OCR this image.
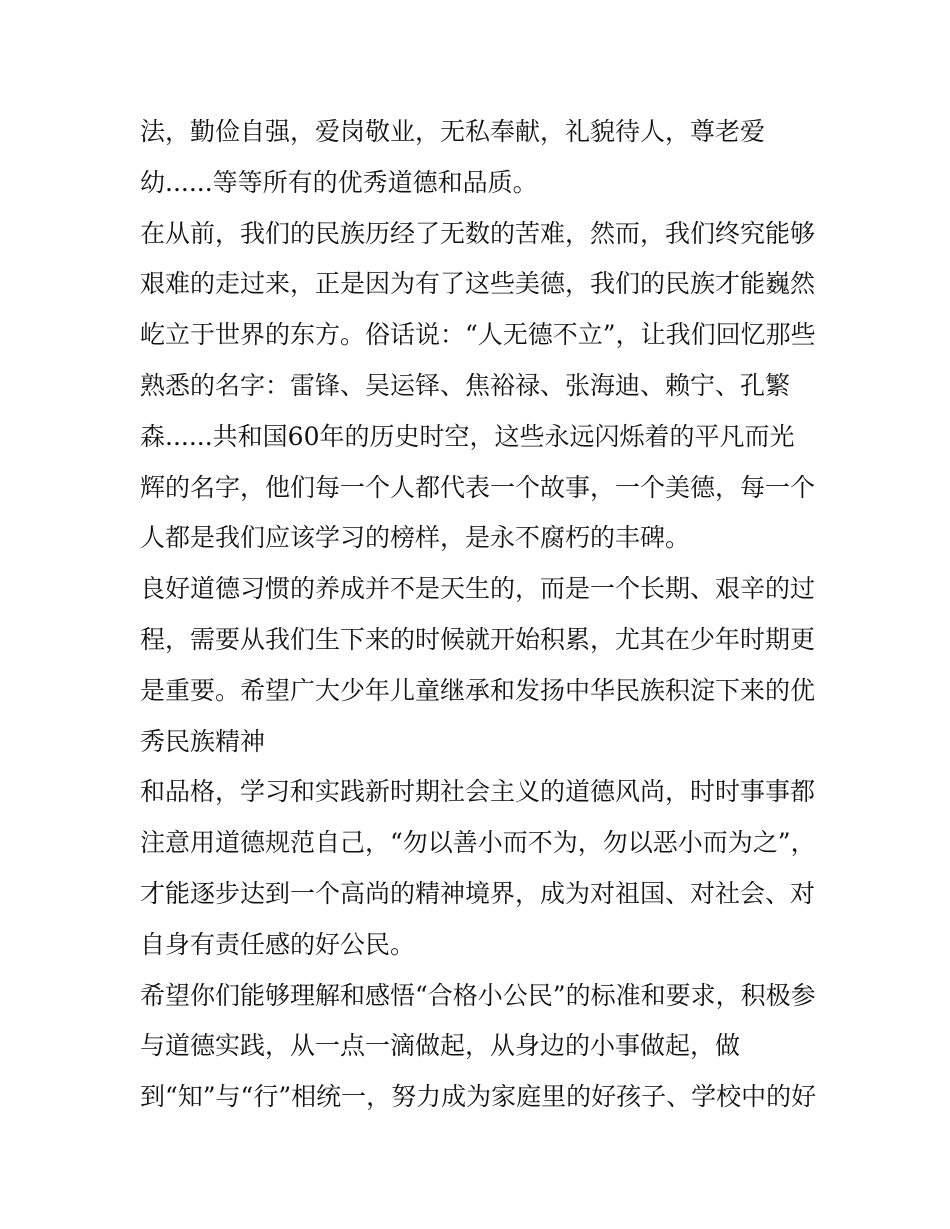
法，勤俭自强，爱岗敬业，无私奉献，礼貌待人，尊老爱
幼......等等所有的优秀道德和品质。
在从前，我们的民族历经了无数的苦难，然而，我们终究能够
艰难的走过来，正是因为有了这些美德，我们的民族才能巍然
屹立于世界的东方。俗话说：“人无德不立”，让我们回忆那些
熟悉的名字：雷锋、吴运铎、焦裕禄、张海迪、赖宁、孔繁
森......共和国60年的历史时空，这些永远闪烁着的平凡而光
辉的名字，他们每一个人都代表一个故事，一个美德，每一个
人都是我们应该学习的榜样，是永不腐朽的丰碑。
良好道德习惯的养成并不是天生的，而是一个长期、艰辛的过
程，需要从我们生下来的时候就开始积累，尤其在少年时期更
是重要。希望广大少年儿童继承和发扬中华民族积淀下来的优
秀民族精神
和品格，学习和实践新时期社会主义的道德风尚，时时事事都
注意用道德规范自己，“勿以善小而不为，勿以恶小而为之”，
才能逐步达到一个高尚的精神境界，成为对祖国、对社会、对
自身有责任感的好公民。
希望你们能够理解和感悟“合格小公民”的标准和要求，积极参
与道德实践，从一点一滴做起，从身边的小事做起，做
到“知”与“行”相统一，努力成为家庭里的好孩子、学校中的好
